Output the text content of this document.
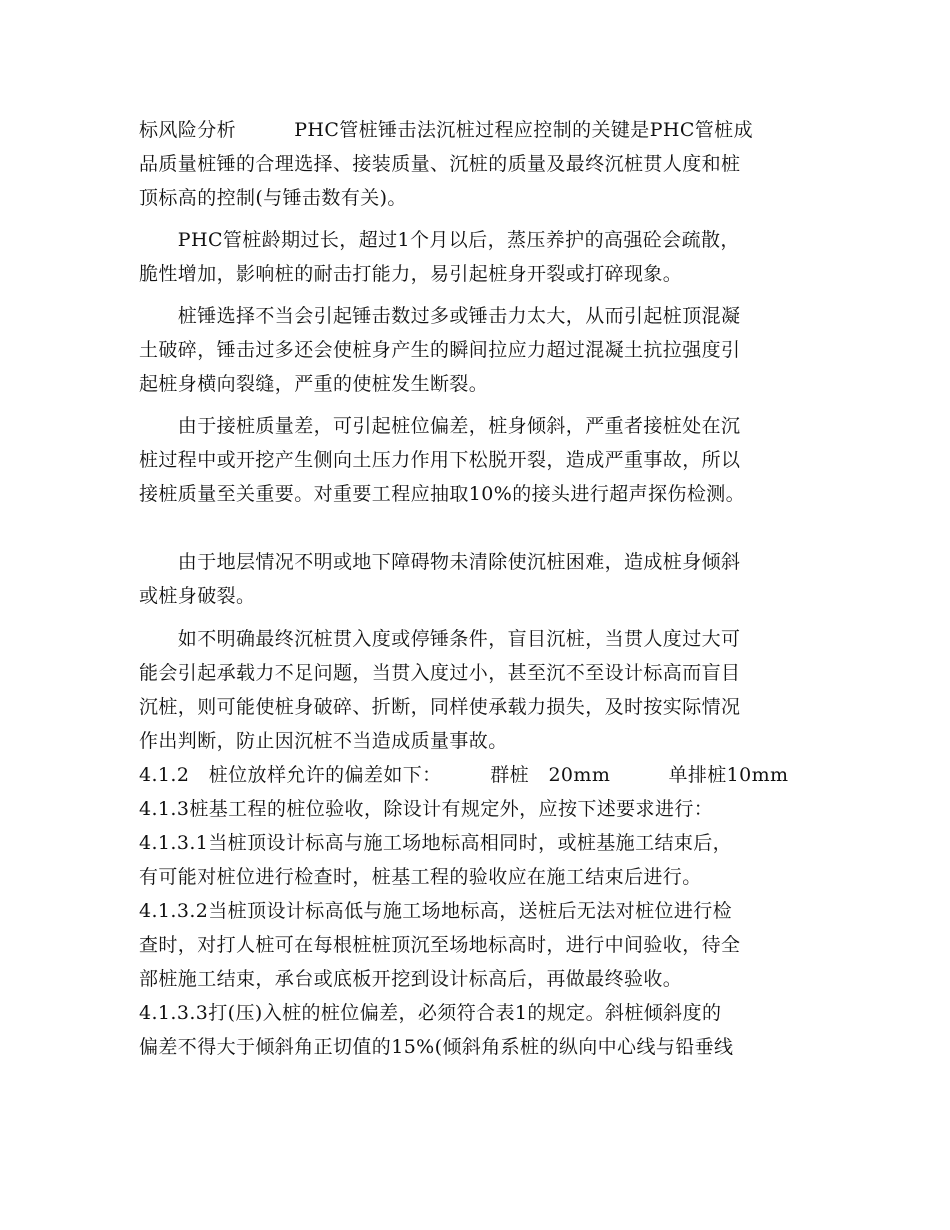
标风险分析　　　PHC管桩锤击法沉桩过程应控制的关键是PHC管桩成
品质量桩锤的合理选择、接装质量、沉桩的质量及最终沉桩贯人度和桩
顶标高的控制(与锤击数有关)。
　　PHC管桩龄期过长，超过1个月以后，蒸压养护的高强砼会疏散，
脆性增加，影响桩的耐击打能力，易引起桩身开裂或打碎现象。
　　桩锤选择不当会引起锤击数过多或锤击力太大，从而引起桩顶混凝
土破碎，锤击过多还会使桩身产生的瞬间拉应力超过混凝土抗拉强度引
起桩身横向裂缝，严重的使桩发生断裂。
　　由于接桩质量差，可引起桩位偏差，桩身倾斜，严重者接桩处在沉
桩过程中或开挖产生侧向土压力作用下松脱开裂，造成严重事故，所以
接桩质量至关重要。对重要工程应抽取10%的接头进行超声探伤检测。
　　由于地层情况不明或地下障碍物未清除使沉桩困难，造成桩身倾斜
或桩身破裂。
　　如不明确最终沉桩贯入度或停锤条件，盲目沉桩，当贯人度过大可
能会引起承载力不足问题，当贯入度过小，甚至沉不至设计标高而盲目
沉桩，则可能使桩身破碎、折断，同样使承载力损失，及时按实际情况
作出判断，防止因沉桩不当造成质量事故。
4.1.2　桩位放样允许的偏差如下：　　　群桩　20mm　　　单排桩10mm
4.1.3桩基工程的桩位验收，除设计有规定外，应按下述要求进行：
4.1.3.1当桩顶设计标高与施工场地标高相同时，或桩基施工结束后，
有可能对桩位进行检查时，桩基工程的验收应在施工结束后进行。
4.1.3.2当桩顶设计标高低与施工场地标高，送桩后无法对桩位进行检
查时，对打人桩可在每根桩桩顶沉至场地标高时，进行中间验收，待全
部桩施工结束，承台或底板开挖到设计标高后，再做最终验收。
4.1.3.3打(压)入桩的桩位偏差，必须符合表1的规定。斜桩倾斜度的
偏差不得大于倾斜角正切值的15%(倾斜角系桩的纵向中心线与铅垂线
